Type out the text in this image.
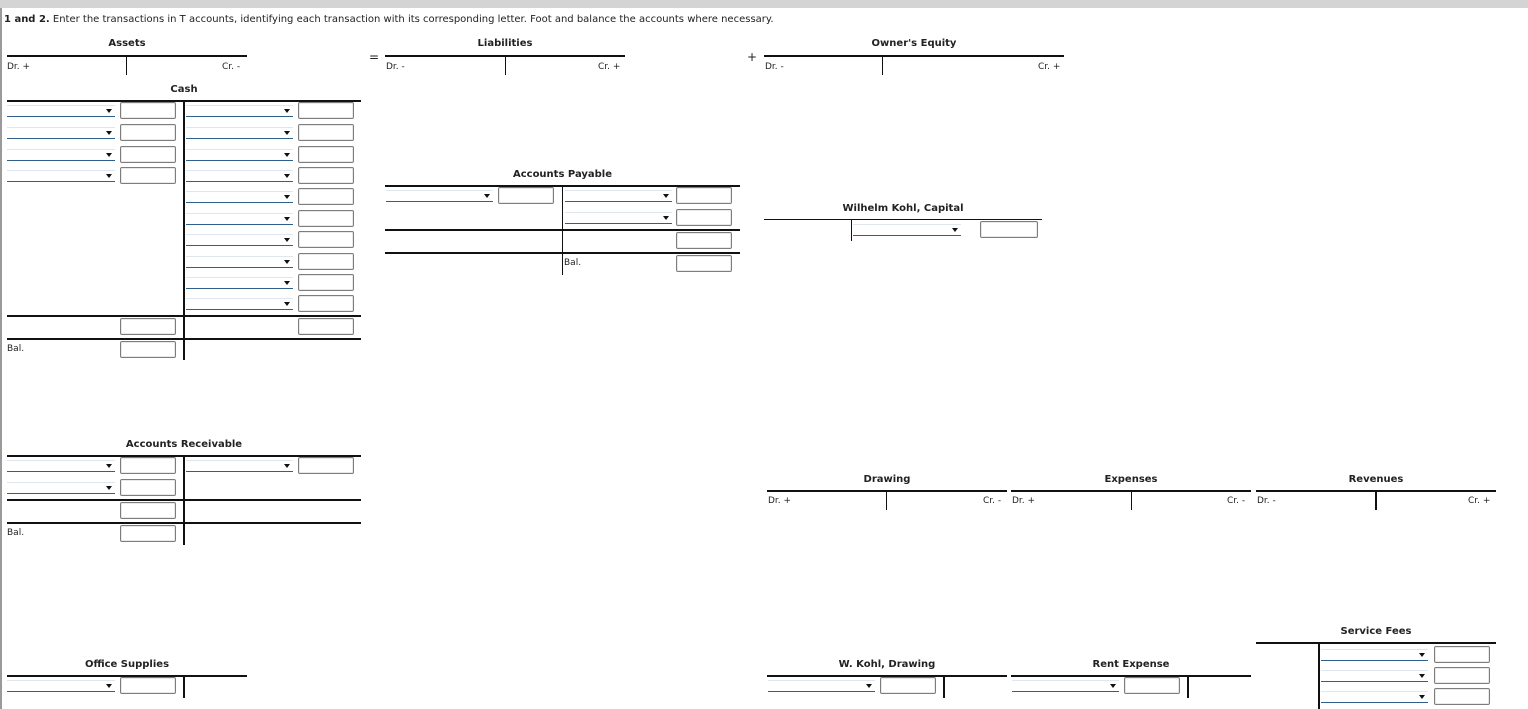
1 and 2. Enter the transactions in T accounts, identifying each transaction with its corresponding letter. Foot and balance the accounts where necessary.
Assets
Dr. +	Cr. -
=
Liabilities
Dr. -	Cr. +
+
Owner's Equity
Dr. -	Cr. +
Cash
Bal.
Accounts Payable
Bal.
Wilhelm Kohl, Capital
Accounts Receivable
Bal.
Drawing
Dr. +	Cr. -
Expenses
Dr. +	Cr. -
Revenues
Dr. -	Cr. +
Service Fees
Office Supplies	W. Kohl, Drawing	Rent Expense
